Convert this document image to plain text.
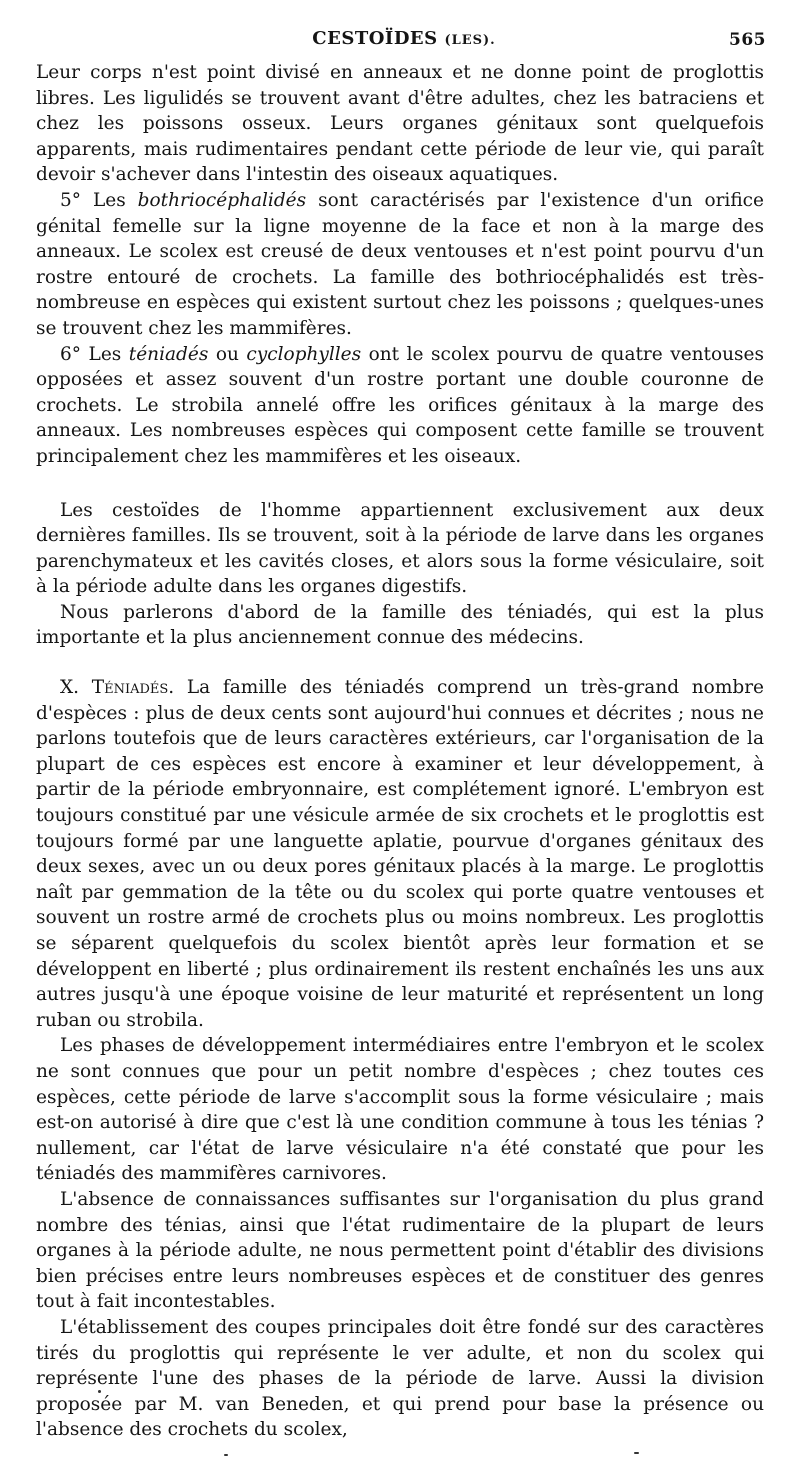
CESTOÏDES (LES).	565

Leur corps n'est point divisé en anneaux et ne donne point de proglottis libres. Les ligulidés se trouvent avant d'être adultes, chez les batraciens et chez les poissons osseux. Leurs organes génitaux sont quelquefois apparents, mais rudimentaires pendant cette période de leur vie, qui paraît devoir s'achever dans l'intestin des oiseaux aquatiques.

5° Les bothriocéphalidés sont caractérisés par l'existence d'un orifice génital femelle sur la ligne moyenne de la face et non à la marge des anneaux. Le scolex est creusé de deux ventouses et n'est point pourvu d'un rostre entouré de crochets. La famille des bothriocéphalidés est très-nombreuse en espèces qui existent surtout chez les poissons ; quelques-unes se trouvent chez les mammifères.

6° Les téniadés ou cyclophylles ont le scolex pourvu de quatre ventouses opposées et assez souvent d'un rostre portant une double couronne de crochets. Le strobila annelé offre les orifices génitaux à la marge des anneaux. Les nombreuses espèces qui composent cette famille se trouvent principalement chez les mammifères et les oiseaux.

Les cestoïdes de l'homme appartiennent exclusivement aux deux dernières familles. Ils se trouvent, soit à la période de larve dans les organes parenchymateux et les cavités closes, et alors sous la forme vésiculaire, soit à la période adulte dans les organes digestifs.

Nous parlerons d'abord de la famille des téniadés, qui est la plus importante et la plus anciennement connue des médecins.

X. Téniadés. La famille des téniadés comprend un très-grand nombre d'espèces : plus de deux cents sont aujourd'hui connues et décrites ; nous ne parlons toutefois que de leurs caractères extérieurs, car l'organisation de la plupart de ces espèces est encore à examiner et leur développement, à partir de la période embryonnaire, est complétement ignoré. L'embryon est toujours constitué par une vésicule armée de six crochets et le proglottis est toujours formé par une languette aplatie, pourvue d'organes génitaux des deux sexes, avec un ou deux pores génitaux placés à la marge. Le proglottis naît par gemmation de la tête ou du scolex qui porte quatre ventouses et souvent un rostre armé de crochets plus ou moins nombreux. Les proglottis se séparent quelquefois du scolex bientôt après leur formation et se développent en liberté ; plus ordinairement ils restent enchaînés les uns aux autres jusqu'à une époque voisine de leur maturité et représentent un long ruban ou strobila.

Les phases de développement intermédiaires entre l'embryon et le scolex ne sont connues que pour un petit nombre d'espèces ; chez toutes ces espèces, cette période de larve s'accomplit sous la forme vésiculaire ; mais est-on autorisé à dire que c'est là une condition commune à tous les ténias ? nullement, car l'état de larve vésiculaire n'a été constaté que pour les téniadés des mammifères carnivores.

L'absence de connaissances suffisantes sur l'organisation du plus grand nombre des ténias, ainsi que l'état rudimentaire de la plupart de leurs organes à la période adulte, ne nous permettent point d'établir des divisions bien précises entre leurs nombreuses espèces et de constituer des genres tout à fait incontestables.

L'établissement des coupes principales doit être fondé sur des caractères tirés du proglottis qui représente le ver adulte, et non du scolex qui représente l'une des phases de la période de larve. Aussi la division proposée par M. van Beneden, et qui prend pour base la présence ou l'absence des crochets du scolex,
